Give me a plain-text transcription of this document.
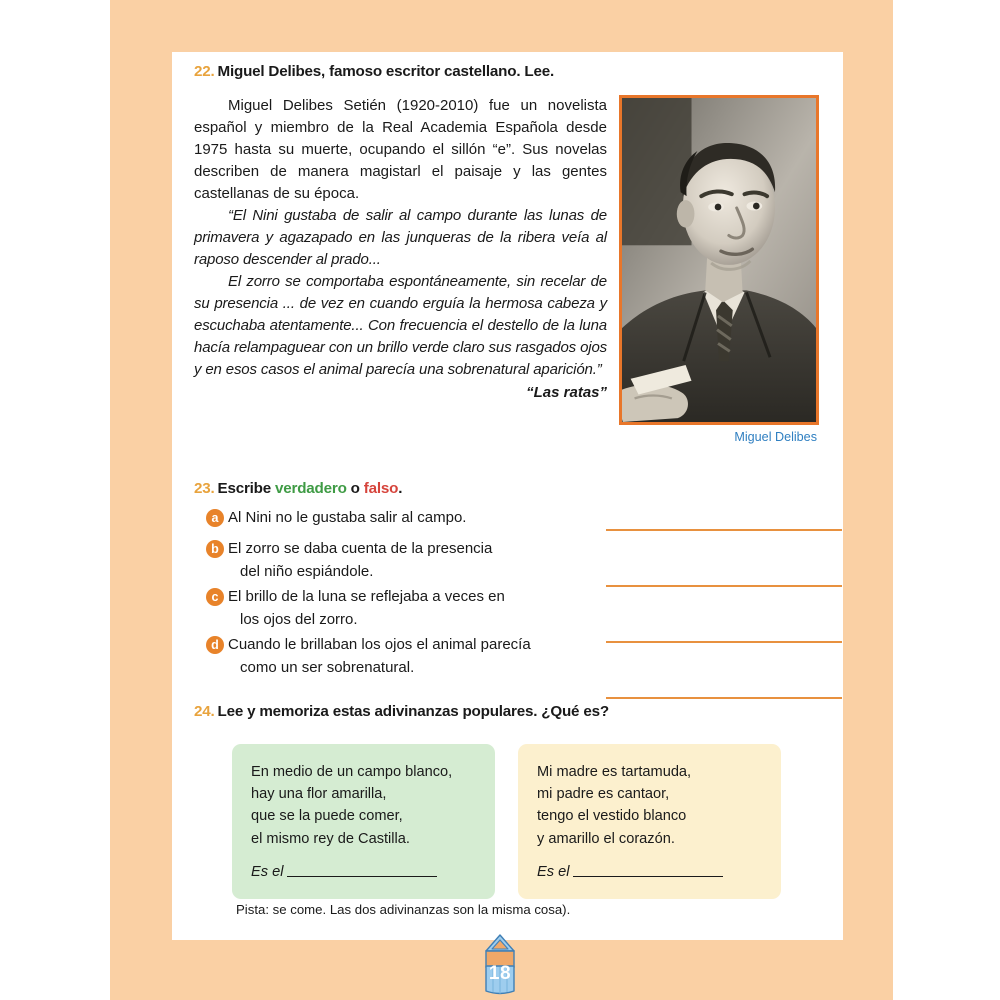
22. Miguel Delibes, famoso escritor castellano. Lee.
Miguel Delibes

Miguel Delibes Setién (1920-2010) fue un novelista español y miembro de la Real Academia Española desde 1975 hasta su muerte, ocupando el sillón “e”. Sus novelas describen de manera magistarl el paisaje y las gentes castellanas de su época.

“El Nini gustaba de salir al campo durante las lunas de primavera y agazapado en las junqueras de la ribera veía al raposo descender al prado...

El zorro se comportaba espontáneamente, sin recelar de su presencia ... de vez en cuando erguía la hermosa cabeza y escuchaba atentamente... Con frecuencia el destello de la luna hacía relampaguear con un brillo verde claro sus rasgados ojos y en esos casos el animal parecía una sobrenatural aparición.”

“Las ratas”

23. Escribe verdadero o falso.
a Al Nini no le gustaba salir al campo.
b El zorro se daba cuenta de la presencia
del niño espiándole.
c El brillo de la luna se reflejaba a veces en
los ojos del zorro.
d Cuando le brillaban los ojos el animal parecía
como un ser sobrenatural.
24. Lee y memoriza estas adivinanzas populares. ¿Qué es?
En medio de un campo blanco,
hay una flor amarilla,
que se la puede comer,
el mismo rey de Castilla.
Es el
Mi madre es tartamuda,
mi padre es cantaor,
tengo el vestido blanco
y amarillo el corazón.
Es el
Pista: se come. Las dos adivinanzas son la misma cosa).
18
